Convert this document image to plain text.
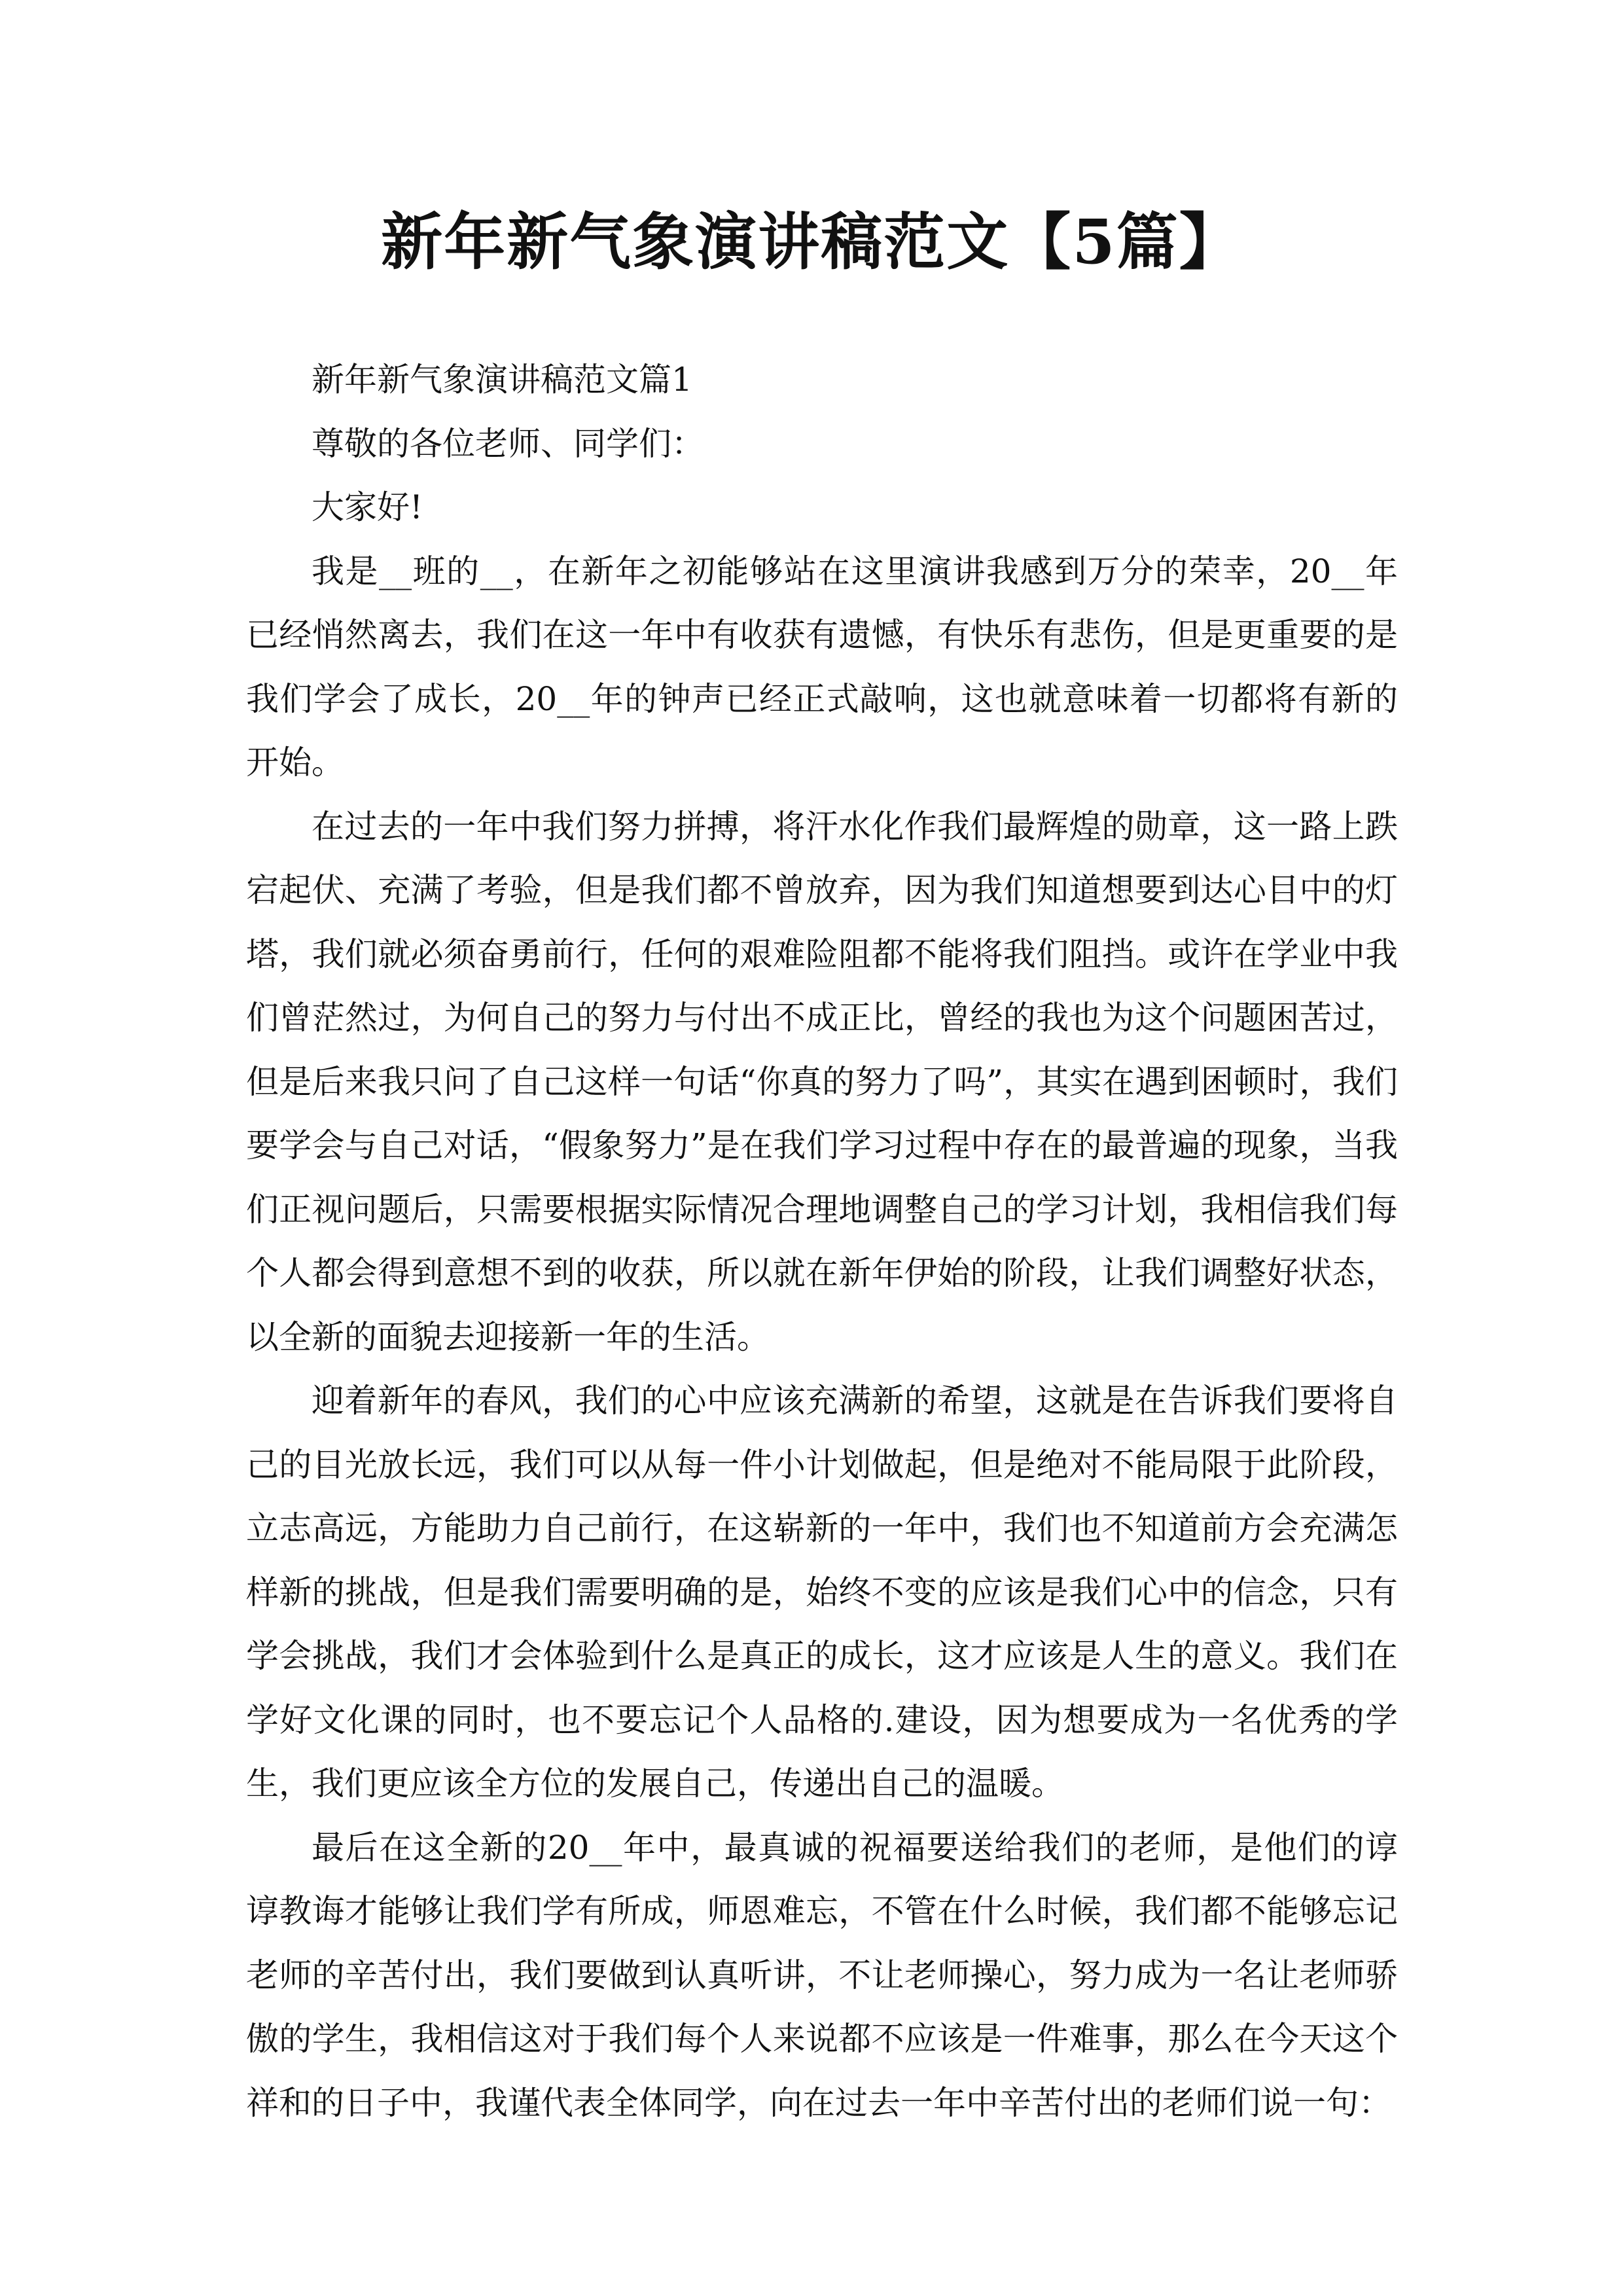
新年新气象演讲稿范文【5篇】

新年新气象演讲稿范文篇1

尊敬的各位老师、同学们：

大家好!

我是__班的__，在新年之初能够站在这里演讲我感到万分的荣幸，20__年已经悄然离去，我们在这一年中有收获有遗憾，有快乐有悲伤，但是更重要的是我们学会了成长，20__年的钟声已经正式敲响，这也就意味着一切都将有新的开始。

在过去的一年中我们努力拼搏，将汗水化作我们最辉煌的勋章，这一路上跌宕起伏、充满了考验，但是我们都不曾放弃，因为我们知道想要到达心目中的灯塔，我们就必须奋勇前行，任何的艰难险阻都不能将我们阻挡。或许在学业中我们曾茫然过，为何自己的努力与付出不成正比，曾经的我也为这个问题困苦过，但是后来我只问了自己这样一句话“你真的努力了吗”，其实在遇到困顿时，我们要学会与自己对话，“假象努力”是在我们学习过程中存在的最普遍的现象，当我们正视问题后，只需要根据实际情况合理地调整自己的学习计划，我相信我们每个人都会得到意想不到的收获，所以就在新年伊始的阶段，让我们调整好状态，以全新的面貌去迎接新一年的生活。

迎着新年的春风，我们的心中应该充满新的希望，这就是在告诉我们要将自己的目光放长远，我们可以从每一件小计划做起，但是绝对不能局限于此阶段，立志高远，方能助力自己前行，在这崭新的一年中，我们也不知道前方会充满怎样新的挑战，但是我们需要明确的是，始终不变的应该是我们心中的信念，只有学会挑战，我们才会体验到什么是真正的成长，这才应该是人生的意义。我们在学好文化课的同时，也不要忘记个人品格的.建设，因为想要成为一名优秀的学生，我们更应该全方位的发展自己，传递出自己的温暖。

最后在这全新的20__年中，最真诚的祝福要送给我们的老师，是他们的谆谆教诲才能够让我们学有所成，师恩难忘，不管在什么时候，我们都不能够忘记老师的辛苦付出，我们要做到认真听讲，不让老师操心，努力成为一名让老师骄傲的学生，我相信这对于我们每个人来说都不应该是一件难事，那么在今天这个祥和的日子中，我谨代表全体同学，向在过去一年中辛苦付出的老师们说一句：
